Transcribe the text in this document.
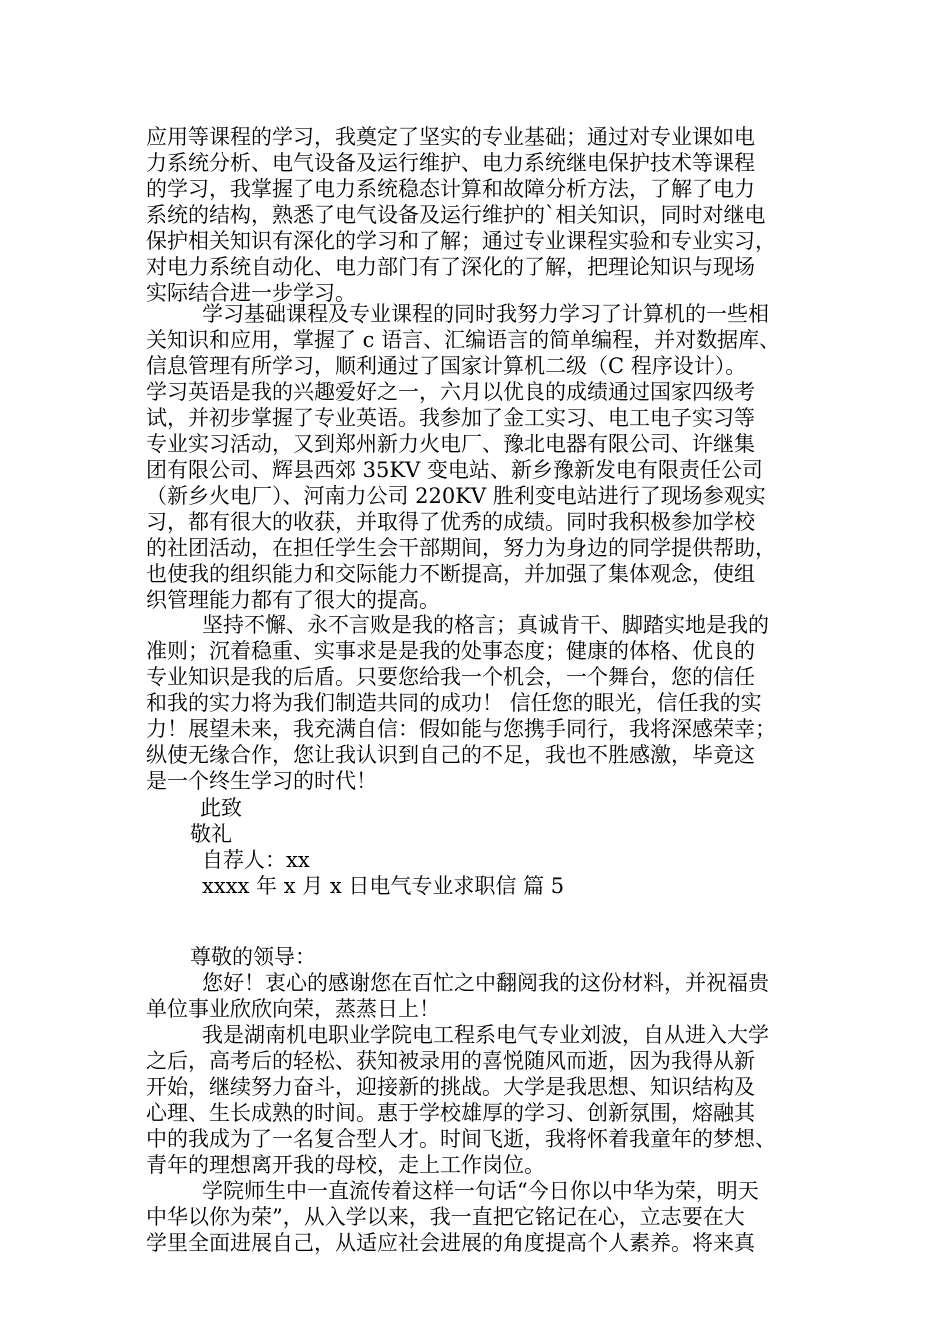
应用等课程的学习，我奠定了坚实的专业基础；通过对专业课如电
力系统分析、电气设备及运行维护、电力系统继电保护技术等课程
的学习，我掌握了电力系统稳态计算和故障分析方法，了解了电力
系统的结构，熟悉了电气设备及运行维护的`相关知识，同时对继电
保护相关知识有深化的学习和了解；通过专业课程实验和专业实习，
对电力系统自动化、电力部门有了深化的了解，把理论知识与现场
实际结合进一步学习。
学习基础课程及专业课程的同时我努力学习了计算机的一些相
关知识和应用，掌握了 c 语言、汇编语言的简单编程，并对数据库、
信息管理有所学习，顺利通过了国家计算机二级（C 程序设计）。
学习英语是我的兴趣爱好之一，六月以优良的成绩通过国家四级考
试，并初步掌握了专业英语。我参加了金工实习、电工电子实习等
专业实习活动，又到郑州新力火电厂、豫北电器有限公司、许继集
团有限公司、辉县西郊 35KV 变电站、新乡豫新发电有限责任公司
（新乡火电厂）、河南力公司 220KV 胜利变电站进行了现场参观实
习，都有很大的收获，并取得了优秀的成绩。同时我积极参加学校
的社团活动，在担任学生会干部期间，努力为身边的同学提供帮助，
也使我的组织能力和交际能力不断提高，并加强了集体观念，使组
织管理能力都有了很大的提高。
坚持不懈、永不言败是我的格言；真诚肯干、脚踏实地是我的
准则；沉着稳重、实事求是是我的处事态度；健康的体格、优良的
专业知识是我的后盾。只要您给我一个机会，一个舞台，您的信任
和我的实力将为我们制造共同的成功！ 信任您的眼光，信任我的实
力！展望未来，我充满自信：假如能与您携手同行，我将深感荣幸；
纵使无缘合作，您让我认识到自己的不足，我也不胜感激，毕竟这
是一个终生学习的时代！
此致
敬礼
自荐人：xx
xxxx 年 x 月 x 日电气专业求职信 篇 5
尊敬的领导：
您好！衷心的感谢您在百忙之中翻阅我的这份材料，并祝福贵
单位事业欣欣向荣，蒸蒸日上！
我是湖南机电职业学院电工程系电气专业刘波，自从进入大学
之后，高考后的轻松、获知被录用的喜悦随风而逝，因为我得从新
开始，继续努力奋斗，迎接新的挑战。大学是我思想、知识结构及
心理、生长成熟的时间。惠于学校雄厚的学习、创新氛围，熔融其
中的我成为了一名复合型人才。时间飞逝，我将怀着我童年的梦想、
青年的理想离开我的母校，走上工作岗位。
学院师生中一直流传着这样一句话“今日你以中华为荣，明天
中华以你为荣”，从入学以来，我一直把它铭记在心，立志要在大
学里全面进展自己，从适应社会进展的角度提高个人素养。将来真
